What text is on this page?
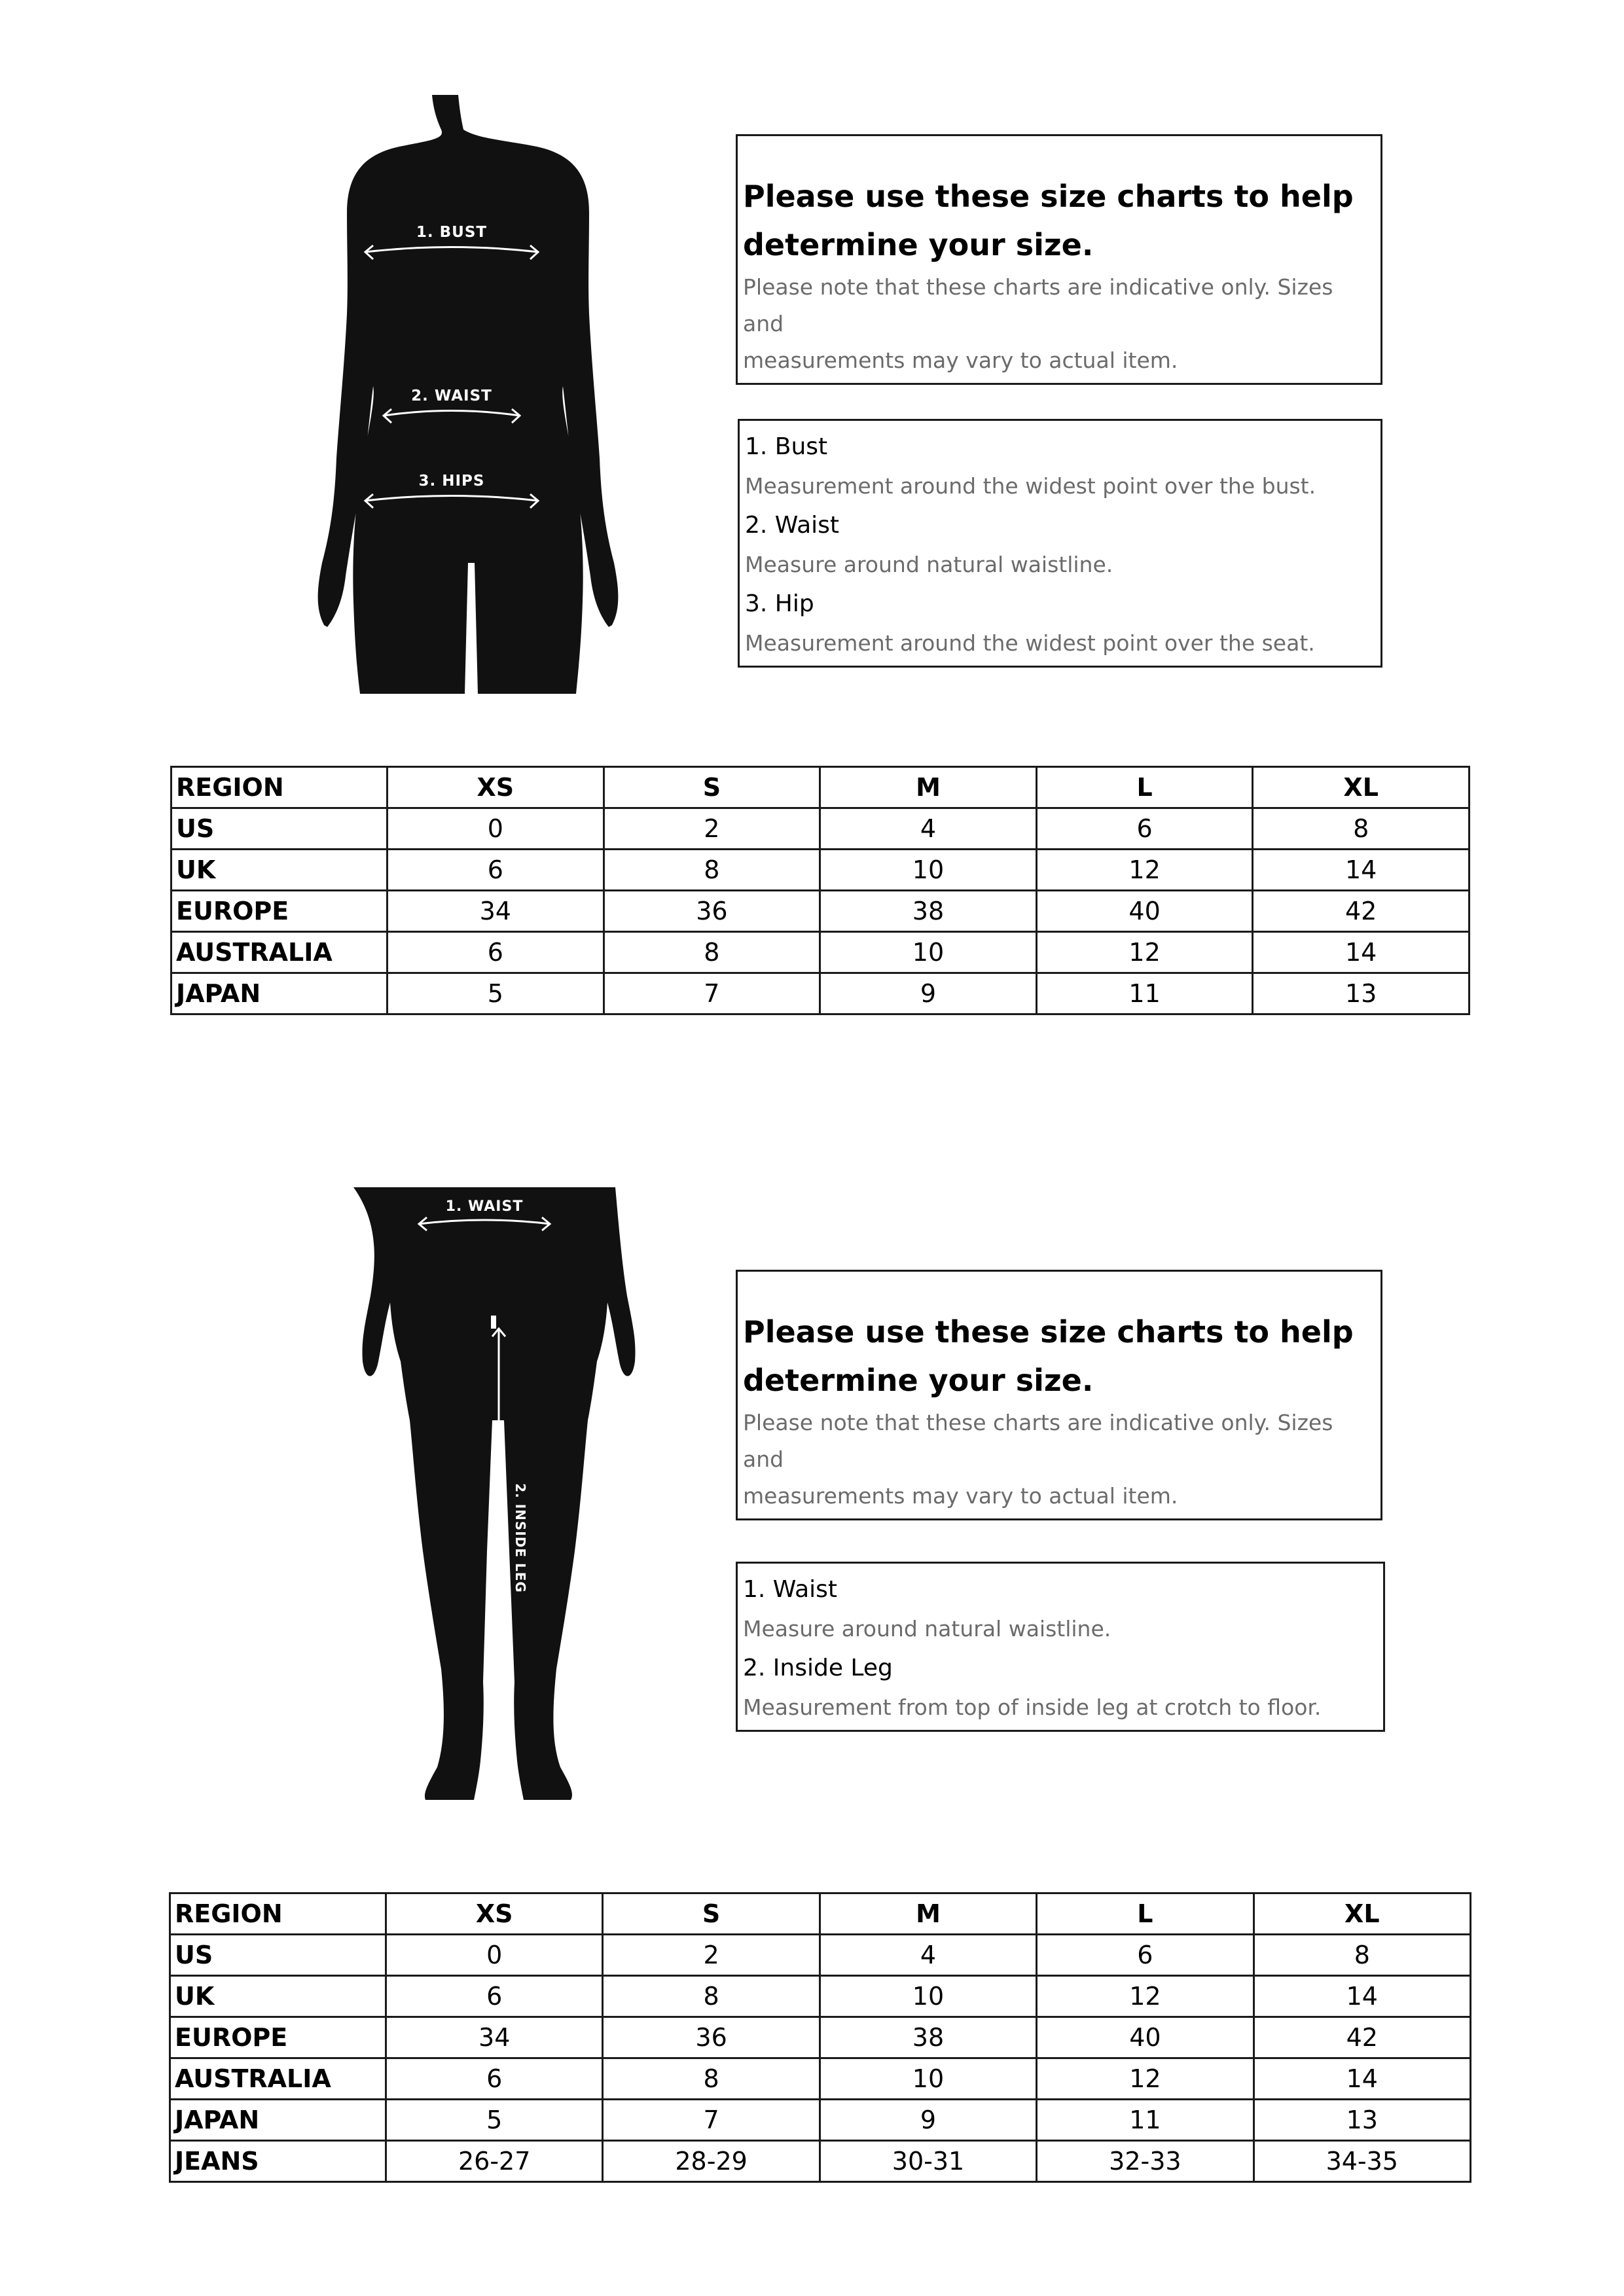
1. BUST
2. WAIST
3. HIPS

Please use these size charts to help

determine your size.

Please note that these charts are indicative only. Sizes and

measurements may vary to actual item.

1. Bust

Measurement around the widest point over the bust.

2. Waist

Measure around natural waistline.

3. Hip

Measurement around the widest point over the seat.

REGION	XS	S	M	L	XL
US	0	2	4	6	8
UK	6	8	10	12	14
EUROPE	34	36	38	40	42
AUSTRALIA	6	8	10	12	14
JAPAN	5	7	9	11	13
1. WAIST
2. INSIDE LEG

Please use these size charts to help

determine your size.

Please note that these charts are indicative only. Sizes and

measurements may vary to actual item.

1. Waist

Measure around natural waistline.

2. Inside Leg

Measurement from top of inside leg at crotch to floor.

REGION	XS	S	M	L	XL
US	0	2	4	6	8
UK	6	8	10	12	14
EUROPE	34	36	38	40	42
AUSTRALIA	6	8	10	12	14
JAPAN	5	7	9	11	13
JEANS	26-27	28-29	30-31	32-33	34-35
